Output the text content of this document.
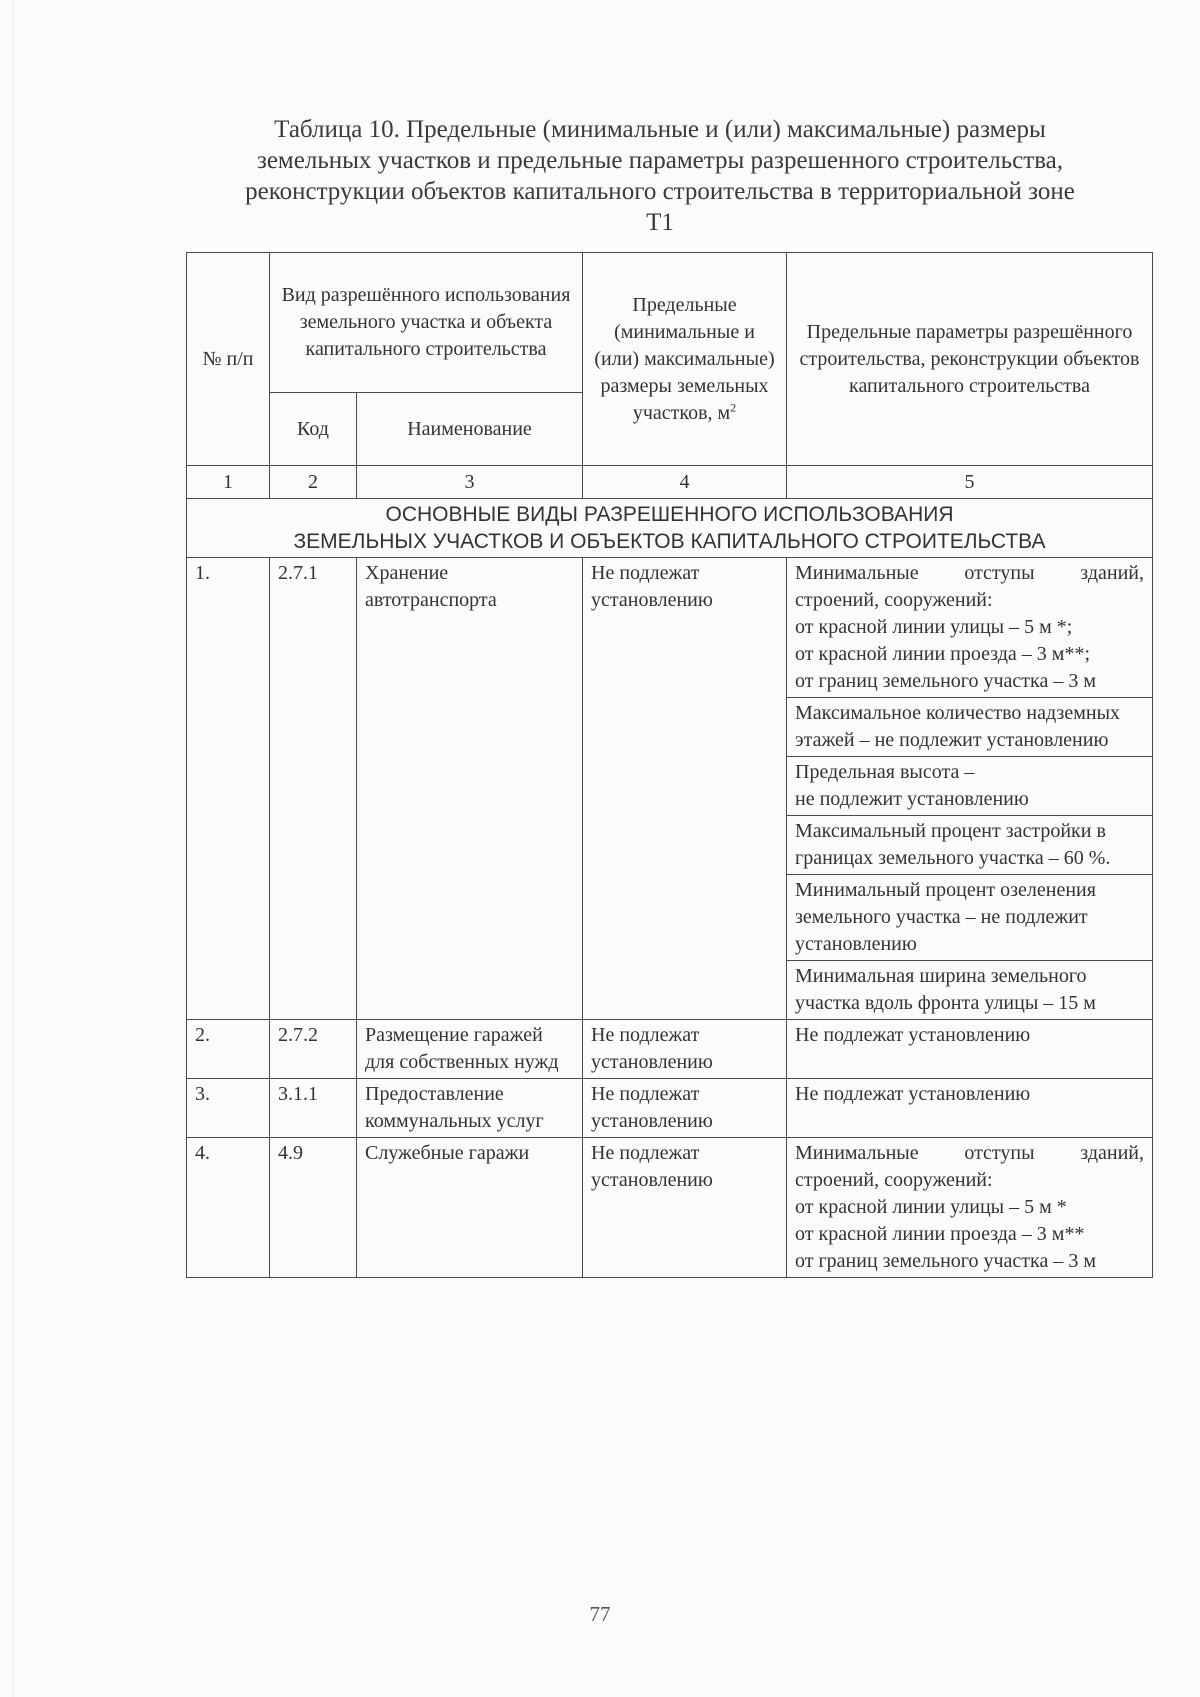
Таблица 10. Предельные (минимальные и (или) максимальные) размеры
земельных участков и предельные параметры разрешенного строительства,
реконструкции объектов капитального строительства в территориальной зоне
Т1
№ п/п	Вид разрешённого использования земельного участка и объекта капитального строительства		Предельные (минимальные и (или) максимальные) размеры земельных участков, $м^2$	Предельные параметры разрешённого строительства, реконструкции объектов капитального строительства
	Код	Наименование		
1	2	3	4	5

ОСНОВНЫЕ ВИДЫ РАЗРЕШЕННОГО ИСПОЛЬЗОВАНИЯ
ЗЕМЕЛЬНЫХ УЧАСТКОВ И ОБЪЕКТОВ КАПИТАЛЬНОГО СТРОИТЕЛЬСТВА				

1.	2.7.1	Хранение автотранспорта	Не подлежат установлению	Минимальные отступы зданий, строений, сооружений:
от красной линии улицы – 5 м *;
от красной линии проезда – 3 м**;
от границ земельного участка – 3 м
				Максимальное количество надземных этажей – не подлежит установлению
				Предельная высота –
не подлежит установлению
				Максимальный процент застройки в границах земельного участка – 60 %.
				Минимальный процент озеленения земельного участка – не подлежит установлению
				Минимальная ширина земельного участка вдоль фронта улицы – 15 м
2.	2.7.2	Размещение гаражей для собственных нужд	Не подлежат установлению	Не подлежат установлению
3.	3.1.1	Предоставление коммунальных услуг	Не подлежат установлению	Не подлежат установлению
4.	4.9	Служебные гаражи	Не подлежат установлению	Минимальные отступы зданий, строений, сооружений:
от красной линии улицы – 5 м *
от красной линии проезда – 3 м**
от границ земельного участка – 3 м
77
